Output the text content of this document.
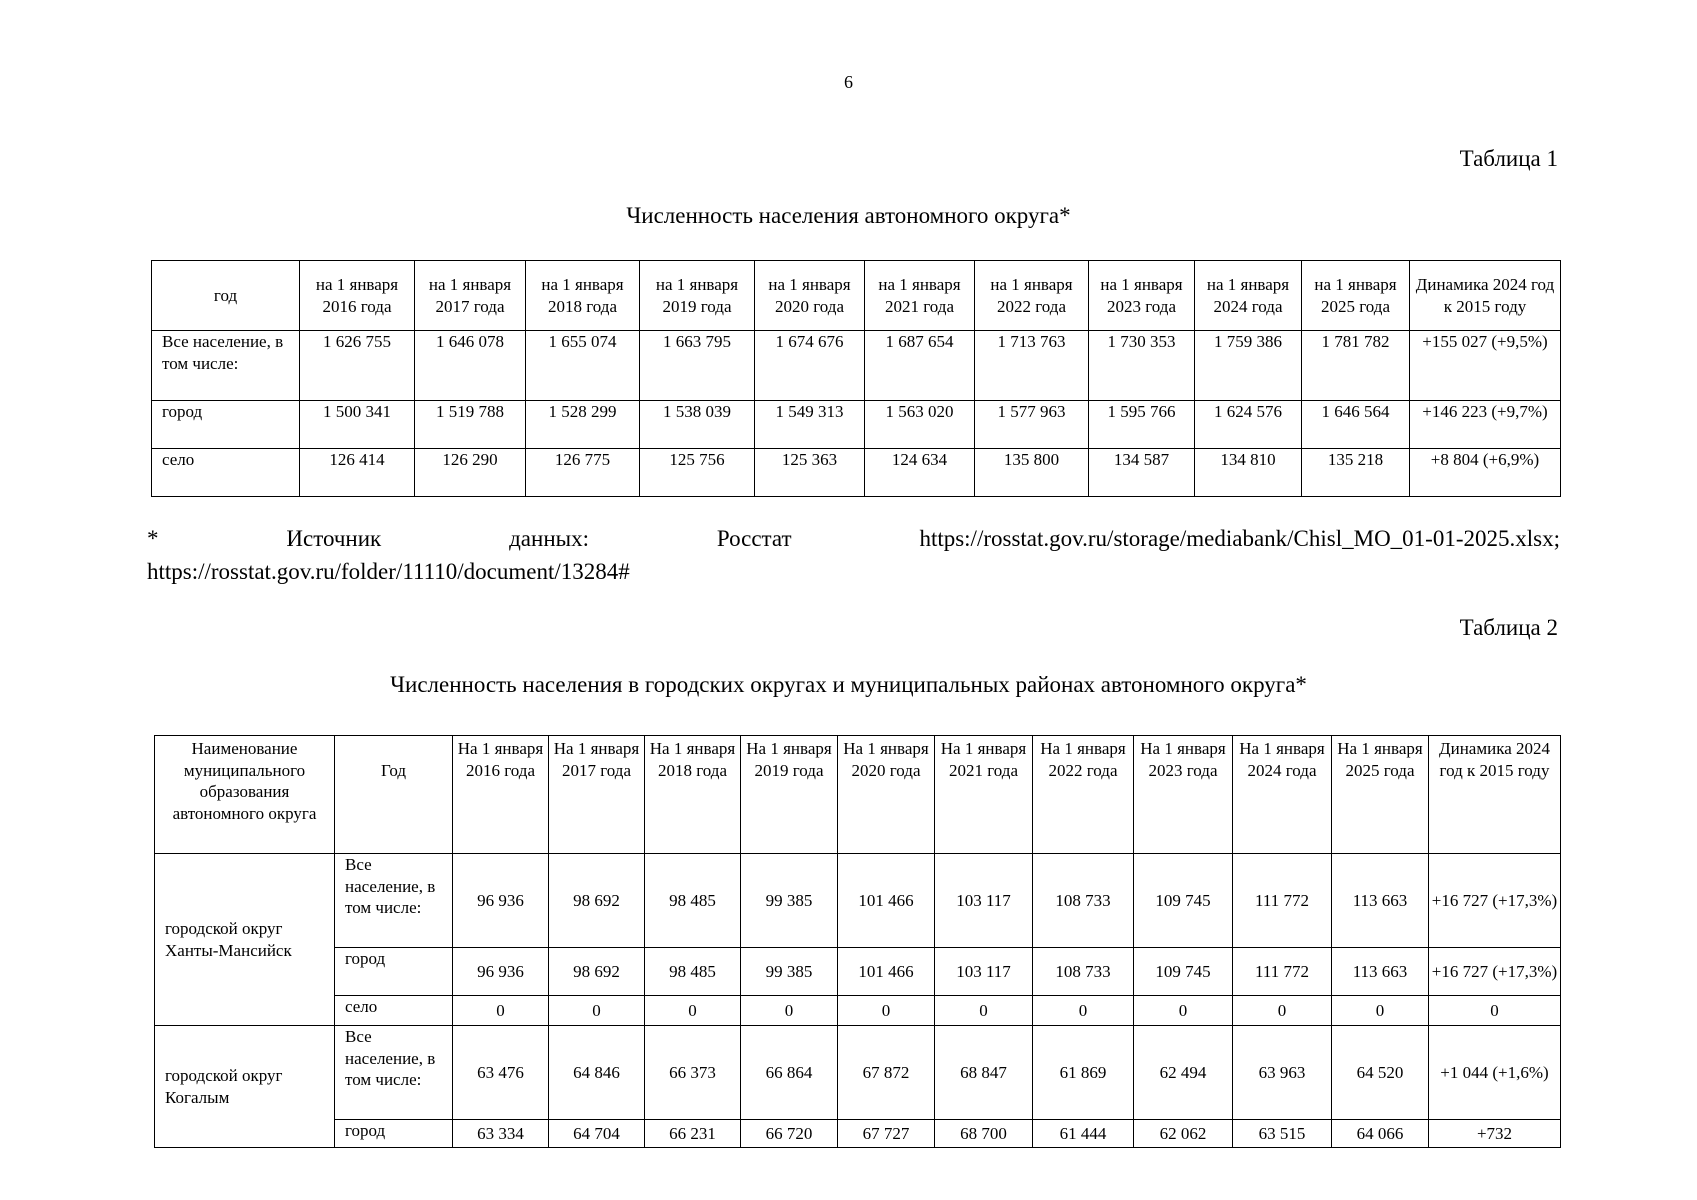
6
Таблица 1
Численность населения автономного округа*
год	на 1 января 2016 года	на 1 января 2017 года	на 1 января 2018 года	на 1 января 2019 года	на 1 января 2020 года	на 1 января 2021 года	на 1 января 2022 года	на 1 января 2023 года	на 1 января 2024 года	на 1 января 2025 года	Динамика 2024 год к 2015 году
Все население, в том числе:	1 626 755	1 646 078	1 655 074	1 663 795	1 674 676	1 687 654	1 713 763	1 730 353	1 759 386	1 781 782	+155 027 (+9,5%)
город	1 500 341	1 519 788	1 528 299	1 538 039	1 549 313	1 563 020	1 577 963	1 595 766	1 624 576	1 646 564	+146 223 (+9,7%)
село	126 414	126 290	126 775	125 756	125 363	124 634	135 800	134 587	134 810	135 218	+8 804 (+6,9%)
*	Источник	данных:	Росстат	https://rosstat.gov.ru/storage/mediabank/Chisl_MO_01-01-2025.xlsx;
https://rosstat.gov.ru/folder/11110/document/13284#
Таблица 2
Численность населения в городских округах и муниципальных районах автономного округа*
Наименование муниципального образования автономного округа	Год	На 1 января 2016 года	На 1 января 2017 года	На 1 января 2018 года	На 1 января 2019 года	На 1 января 2020 года	На 1 января 2021 года	На 1 января 2022 года	На 1 января 2023 года	На 1 января 2024 года	На 1 января 2025 года	Динамика 2024 год к 2015 году
городской округ Ханты-Мансийск	Все население, в том числе:	96 936	98 692	98 485	99 385	101 466	103 117	108 733	109 745	111 772	113 663	+16 727 (+17,3%)
	город	96 936	98 692	98 485	99 385	101 466	103 117	108 733	109 745	111 772	113 663	+16 727 (+17,3%)
	село	0	0	0	0	0	0	0	0	0	0	0
городской округ Когалым	Все население, в том числе:	63 476	64 846	66 373	66 864	67 872	68 847	61 869	62 494	63 963	64 520	+1 044 (+1,6%)
	город	63 334	64 704	66 231	66 720	67 727	68 700	61 444	62 062	63 515	64 066	+732
